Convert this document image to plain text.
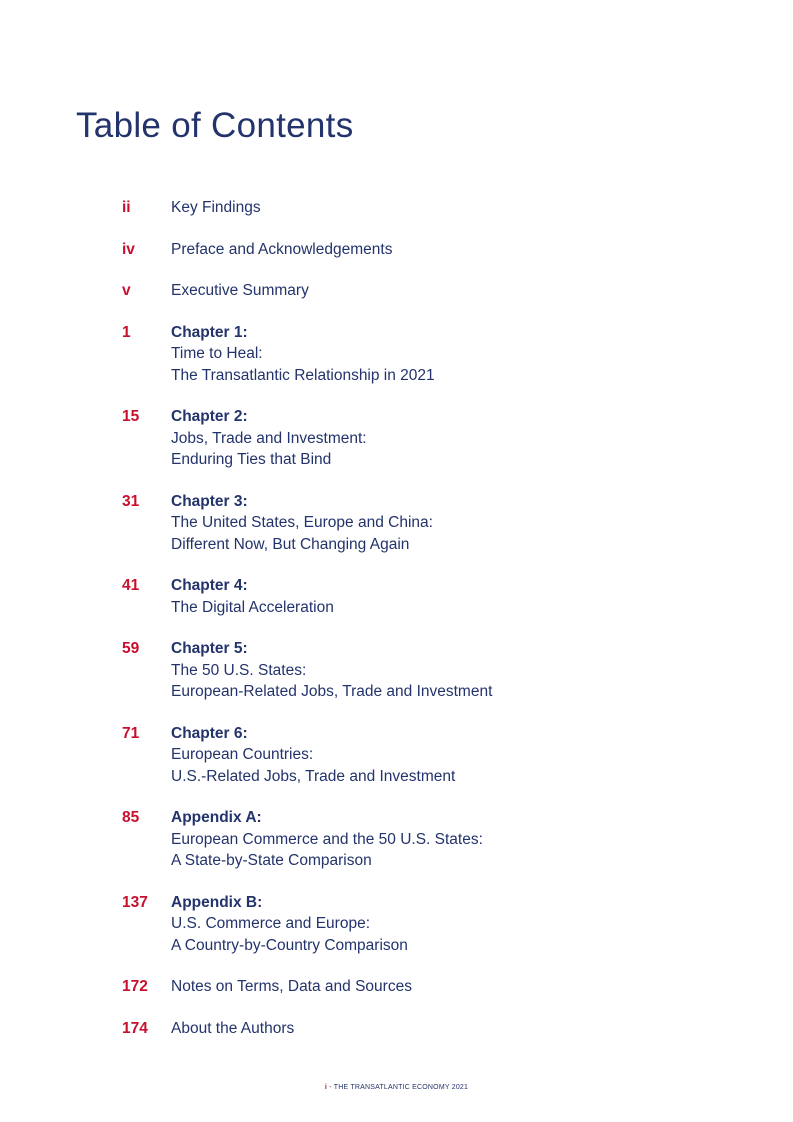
Table of Contents
ii	Key Findings
iv	Preface and Acknowledgements
v	Executive Summary
1	Chapter 1:
Time to Heal:
The Transatlantic Relationship in 2021
15	Chapter 2:
Jobs, Trade and Investment:
Enduring Ties that Bind
31	Chapter 3:
The United States, Europe and China:
Different Now, But Changing Again
41	Chapter 4:
The Digital Acceleration
59	Chapter 5:
The 50 U.S. States:
European-Related Jobs, Trade and Investment
71	Chapter 6:
European Countries:
U.S.-Related Jobs, Trade and Investment
85	Appendix A:
European Commerce and the 50 U.S. States:
A State-by-State Comparison
137	Appendix B:
U.S. Commerce and Europe:
A Country-by-Country Comparison
172	Notes on Terms, Data and Sources
174	About the Authors
i - THE TRANSATLANTIC ECONOMY 2021
